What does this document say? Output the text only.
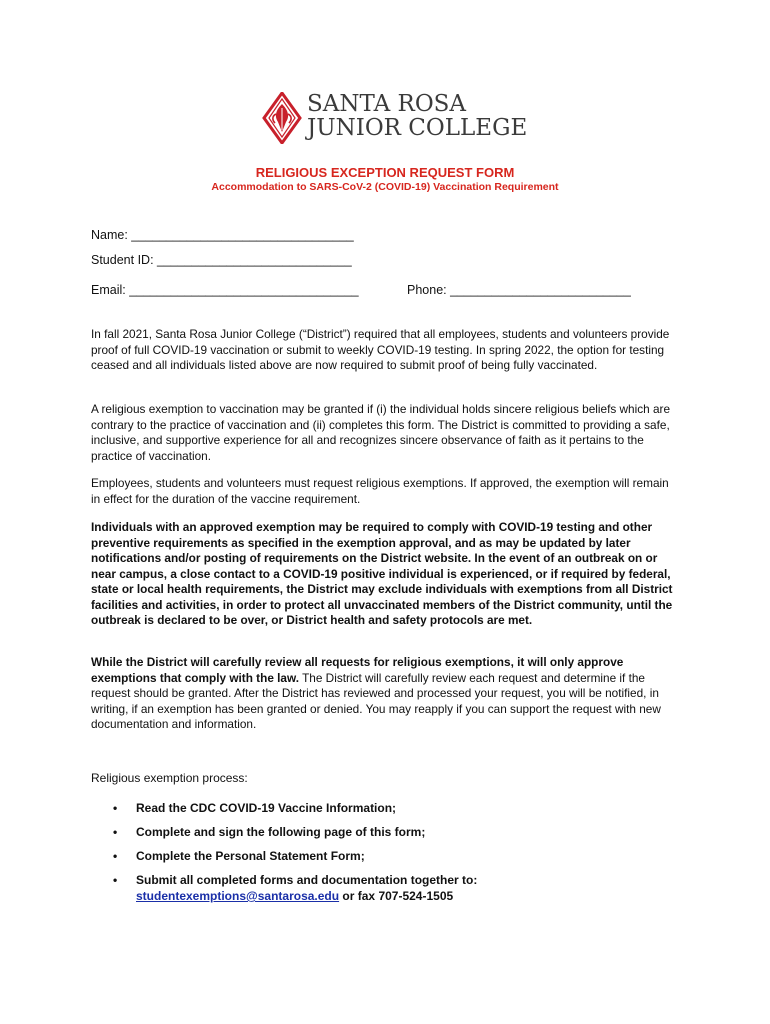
SANTA ROSA
JUNIOR COLLEGE
RELIGIOUS EXCEPTION REQUEST FORM
Accommodation to SARS-CoV-2 (COVID-19) Vaccination Requirement
Name: ________________________________
Student ID: ____________________________
Email: _________________________________	Phone: __________________________

In fall 2021, Santa Rosa Junior College (“District”) required that all employees, students and volunteers provide proof of full COVID-19 vaccination or submit to weekly COVID-19 testing. In spring 2022, the option for testing ceased and all individuals listed above are now required to submit proof of being fully vaccinated.

A religious exemption to vaccination may be granted if (i) the individual holds sincere religious beliefs which are contrary to the practice of vaccination and (ii) completes this form. The District is committed to providing a safe, inclusive, and supportive experience for all and recognizes sincere observance of faith as it pertains to the practice of vaccination.

Employees, students and volunteers must request religious exemptions. If approved, the exemption will remain in effect for the duration of the vaccine requirement.

Individuals with an approved exemption may be required to comply with COVID-19 testing and other preventive requirements as specified in the exemption approval, and as may be updated by later notifications and/or posting of requirements on the District website. In the event of an outbreak on or near campus, a close contact to a COVID-19 positive individual is experienced, or if required by federal, state or local health requirements, the District may exclude individuals with exemptions from all District facilities and activities, in order to protect all unvaccinated members of the District community, until the outbreak is declared to be over, or District health and safety protocols are met.

While the District will carefully review all requests for religious exemptions, it will only approve exemptions that comply with the law. The District will carefully review each request and determine if the request should be granted. After the District has reviewed and processed your request, you will be notified, in writing, if an exemption has been granted or denied. You may reapply if you can support the request with new documentation and information.

Religious exemption process:
• Read the CDC COVID-19 Vaccine Information;
• Complete and sign the following page of this form;
• Complete the Personal Statement Form;
• Submit all completed forms and documentation together to:
studentexemptions@santarosa.edu or fax 707-524-1505
